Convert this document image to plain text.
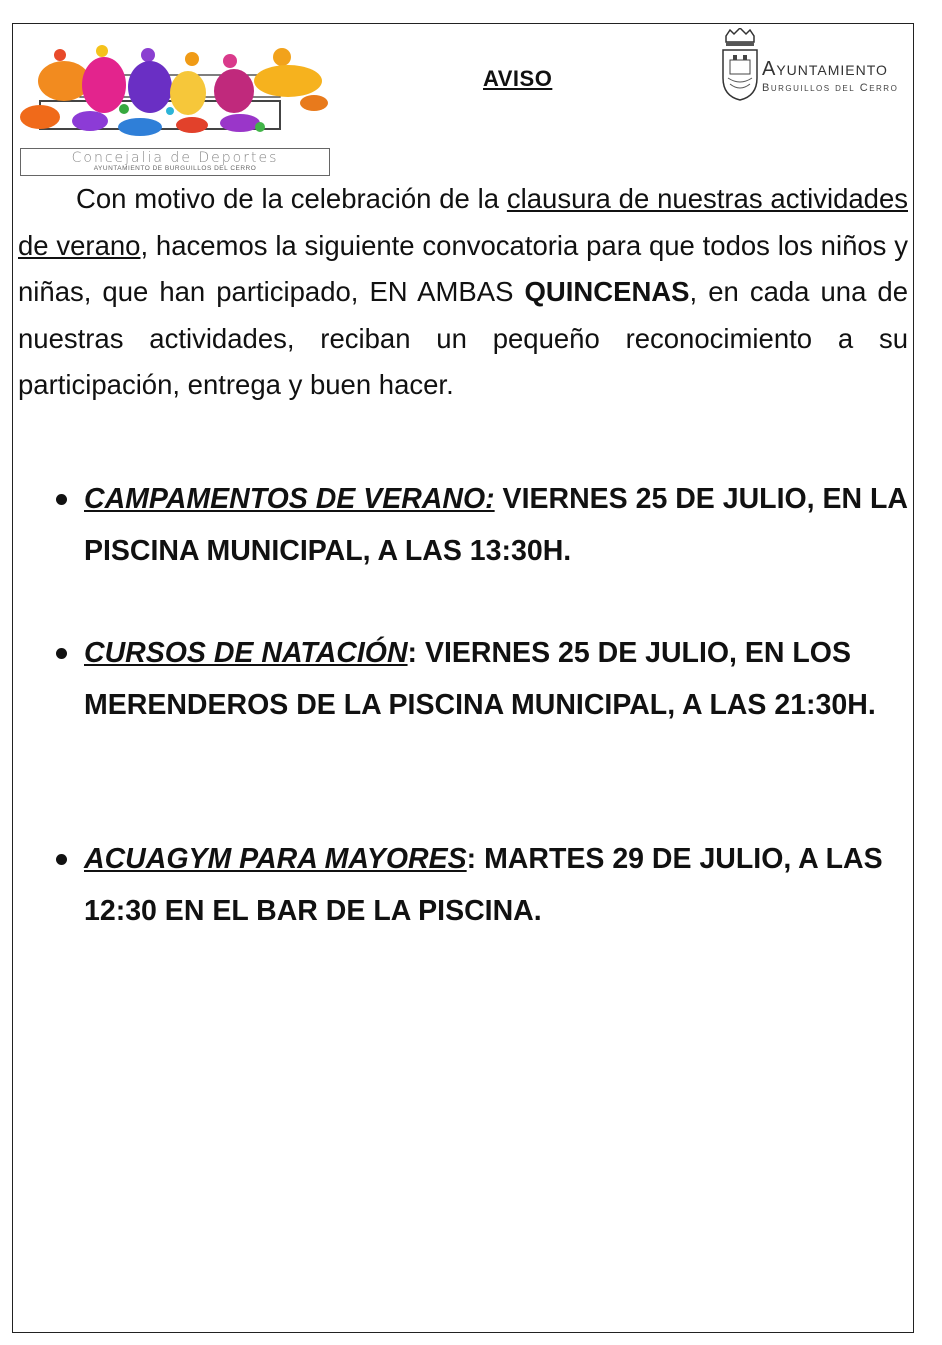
Concejalia de Deportes
AYUNTAMIENTO DE BURGUILLOS DEL CERRO
AVISO	Ayuntamiento
Burguillos del Cerro
Con motivo de la celebración de la clausura de nuestras actividades de verano, hacemos la siguiente convocatoria para que todos los niños y niñas, que han participado, EN AMBAS QUINCENAS, en cada una de nuestras actividades, reciban un pequeño reconocimiento a su participación, entrega y buen hacer.
CAMPAMENTOS DE VERANO: VIERNES 25 DE JULIO, EN LA PISCINA MUNICIPAL, A LAS 13:30H.
CURSOS DE NATACIÓN: VIERNES 25 DE JULIO, EN LOS MERENDEROS DE LA PISCINA MUNICIPAL, A LAS 21:30H.
ACUAGYM PARA MAYORES: MARTES 29 DE JULIO, A LAS 12:30 EN EL BAR DE LA PISCINA.
